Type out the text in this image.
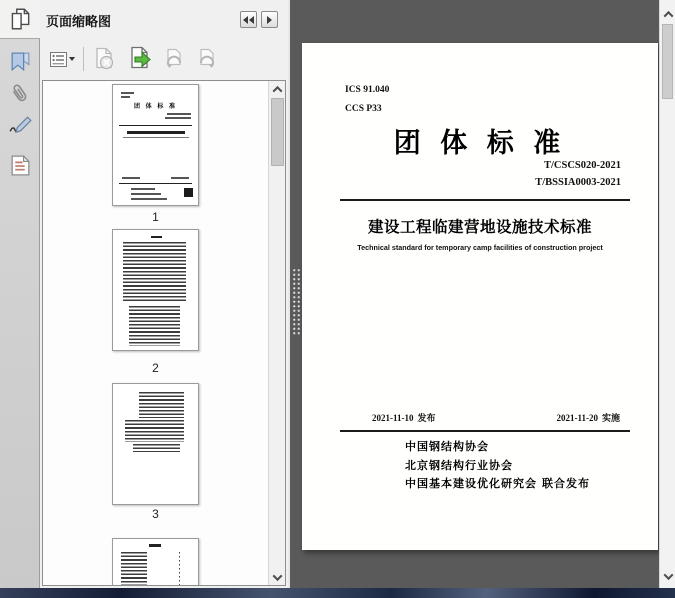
页面缩略图
团 体 标 准
1
2
3
ICS 91.040
CCS P33
团 体 标 准
T/CSCS020-2021
T/BSSIA0003-2021
建设工程临建营地设施技术标准
Technical standard for temporary camp facilities of construction project
2021-11-10 发布	2021-11-20 实施
中国钢结构协会
北京钢结构行业协会
中国基本建设优化研究会 联合发布
